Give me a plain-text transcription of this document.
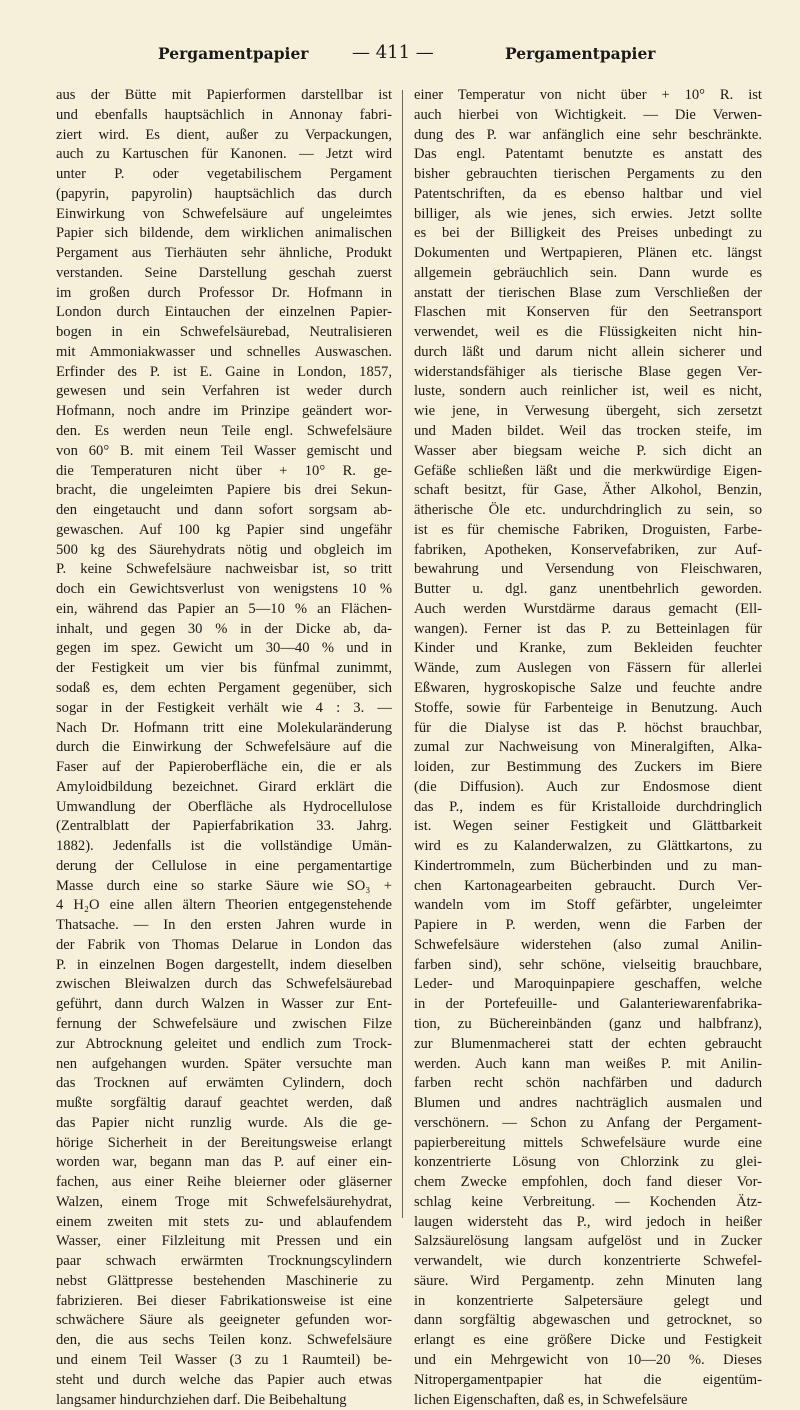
Pergamentpapier — 411 —	Pergamentpapier
aus der Bütte mit Papierformen darstellbar ist
und ebenfalls hauptsächlich in Annonay fabri-
ziert wird. Es dient, außer zu Verpackungen,
auch zu Kartuschen für Kanonen. — Jetzt wird
unter P. oder vegetabilischem Pergament
(papyrin, papyrolin) hauptsächlich das durch
Einwirkung von Schwefelsäure auf ungeleimtes
Papier sich bildende, dem wirklichen animalischen
Pergament aus Tierhäuten sehr ähnliche, Produkt
verstanden. Seine Darstellung geschah zuerst
im großen durch Professor Dr. Hofmann in
London durch Eintauchen der einzelnen Papier-
bogen in ein Schwefelsäurebad, Neutralisieren
mit Ammoniakwasser und schnelles Auswaschen.
Erfinder des P. ist E. Gaine in London, 1857,
gewesen und sein Verfahren ist weder durch
Hofmann, noch andre im Prinzipe geändert wor-
den. Es werden neun Teile engl. Schwefelsäure
von 60° B. mit einem Teil Wasser gemischt und
die Temperaturen nicht über + 10° R. ge-
bracht, die ungeleimten Papiere bis drei Sekun-
den eingetaucht und dann sofort sorgsam ab-
gewaschen. Auf 100 kg Papier sind ungefähr
500 kg des Säurehydrats nötig und obgleich im
P. keine Schwefelsäure nachweisbar ist, so tritt
doch ein Gewichtsverlust von wenigstens 10 %
ein, während das Papier an 5—10 % an Flächen-
inhalt, und gegen 30 % in der Dicke ab, da-
gegen im spez. Gewicht um 30—40 % und in
der Festigkeit um vier bis fünfmal zunimmt,
sodaß es, dem echten Pergament gegenüber, sich
sogar in der Festigkeit verhält wie 4 : 3. —
Nach Dr. Hofmann tritt eine Molekularänderung
durch die Einwirkung der Schwefelsäure auf die
Faser auf der Papieroberfläche ein, die er als
Amyloidbildung bezeichnet. Girard erklärt die
Umwandlung der Oberfläche als Hydrocellulose
(Zentralblatt der Papierfabrikation 33. Jahrg.
1882). Jedenfalls ist die vollständige Umän-
derung der Cellulose in eine pergamentartige
Masse durch eine so starke Säure wie SO₃ +
4 H₂O eine allen ältern Theorien entgegenstehende
Thatsache. — In den ersten Jahren wurde in
der Fabrik von Thomas Delarue in London das
P. in einzelnen Bogen dargestellt, indem dieselben
zwischen Bleiwalzen durch das Schwefelsäurebad
geführt, dann durch Walzen in Wasser zur Ent-
fernung der Schwefelsäure und zwischen Filze
zur Abtrocknung geleitet und endlich zum Trock-
nen aufgehangen wurden. Später versuchte man
das Trocknen auf erwämten Cylindern, doch
mußte sorgfältig darauf geachtet werden, daß
das Papier nicht runzlig wurde. Als die ge-
hörige Sicherheit in der Bereitungsweise erlangt
worden war, begann man das P. auf einer ein-
fachen, aus einer Reihe bleierner oder gläserner
Walzen, einem Troge mit Schwefelsäurehydrat,
einem zweiten mit stets zu- und ablaufendem
Wasser, einer Filzleitung mit Pressen und ein
paar schwach erwärmten Trocknungscylindern
nebst Glättpresse bestehenden Maschinerie zu
fabrizieren. Bei dieser Fabrikationsweise ist eine
schwächere Säure als geeigneter gefunden wor-
den, die aus sechs Teilen konz. Schwefelsäure
und einem Teil Wasser (3 zu 1 Raumteil) be-
steht und durch welche das Papier auch etwas
langsamer hindurchziehen darf. Die Beibehaltung
einer Temperatur von nicht über + 10° R. ist
auch hierbei von Wichtigkeit. — Die Verwen-
dung des P. war anfänglich eine sehr beschränkte.
Das engl. Patentamt benutzte es anstatt des
bisher gebrauchten tierischen Pergaments zu den
Patentschriften, da es ebenso haltbar und viel
billiger, als wie jenes, sich erwies. Jetzt sollte
es bei der Billigkeit des Preises unbedingt zu
Dokumenten und Wertpapieren, Plänen etc. längst
allgemein gebräuchlich sein. Dann wurde es
anstatt der tierischen Blase zum Verschließen der
Flaschen mit Konserven für den Seetransport
verwendet, weil es die Flüssigkeiten nicht hin-
durch läßt und darum nicht allein sicherer und
widerstandsfähiger als tierische Blase gegen Ver-
luste, sondern auch reinlicher ist, weil es nicht,
wie jene, in Verwesung übergeht, sich zersetzt
und Maden bildet. Weil das trocken steife, im
Wasser aber biegsam weiche P. sich dicht an
Gefäße schließen läßt und die merkwürdige Eigen-
schaft besitzt, für Gase, Äther Alkohol, Benzin,
ätherische Öle etc. undurchdringlich zu sein, so
ist es für chemische Fabriken, Droguisten, Farbe-
fabriken, Apotheken, Konservefabriken, zur Auf-
bewahrung und Versendung von Fleischwaren,
Butter u. dgl. ganz unentbehrlich geworden.
Auch werden Wurstdärme daraus gemacht (Ell-
wangen). Ferner ist das P. zu Betteinlagen für
Kinder und Kranke, zum Bekleiden feuchter
Wände, zum Auslegen von Fässern für allerlei
Eßwaren, hygroskopische Salze und feuchte andre
Stoffe, sowie für Farbenteige in Benutzung. Auch
für die Dialyse ist das P. höchst brauchbar,
zumal zur Nachweisung von Mineralgiften, Alka-
loiden, zur Bestimmung des Zuckers im Biere
(die Diffusion). Auch zur Endosmose dient
das P., indem es für Kristalloide durchdringlich
ist. Wegen seiner Festigkeit und Glättbarkeit
wird es zu Kalanderwalzen, zu Glättkartons, zu
Kindertrommeln, zum Bücherbinden und zu man-
chen Kartonagearbeiten gebraucht. Durch Ver-
wandeln vom im Stoff gefärbter, ungeleimter
Papiere in P. werden, wenn die Farben der
Schwefelsäure widerstehen (also zumal Anilin-
farben sind), sehr schöne, vielseitig brauchbare,
Leder- und Maroquinpapiere geschaffen, welche
in der Portefeuille- und Galanteriewarenfabrika-
tion, zu Büchereinbänden (ganz und halbfranz),
zur Blumenmacherei statt der echten gebraucht
werden. Auch kann man weißes P. mit Anilin-
farben recht schön nachfärben und dadurch
Blumen und andres nachträglich ausmalen und
verschönern. — Schon zu Anfang der Pergament-
papierbereitung mittels Schwefelsäure wurde eine
konzentrierte Lösung von Chlorzink zu glei-
chem Zwecke empfohlen, doch fand dieser Vor-
schlag keine Verbreitung. — Kochenden Ätz-
laugen widersteht das P., wird jedoch in heißer
Salzsäurelösung langsam aufgelöst und in Zucker
verwandelt, wie durch konzentrierte Schwefel-
säure. Wird Pergamentp. zehn Minuten lang
in konzentrierte Salpetersäure gelegt und
dann sorgfältig abgewaschen und getrocknet, so
erlangt es eine größere Dicke und Festigkeit
und ein Mehrgewicht von 10—20 %. Dieses
Nitropergamentpapier hat die eigentüm-
lichen Eigenschaften, daß es, in Schwefelsäure
